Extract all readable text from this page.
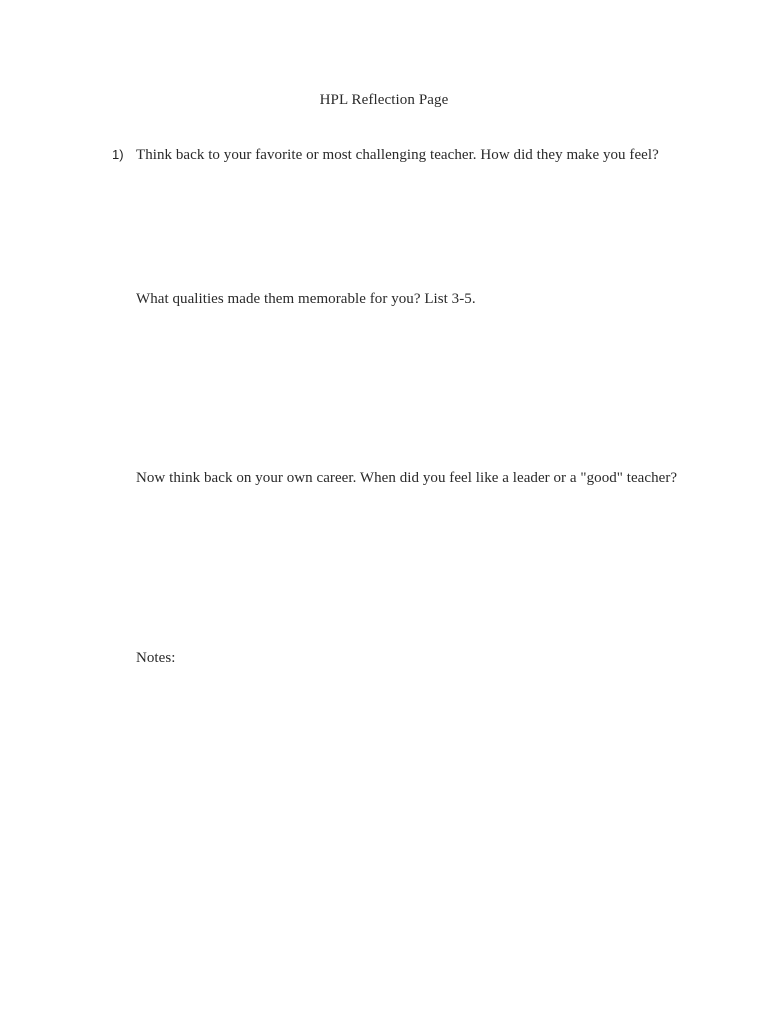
HPL Reflection Page
1) Think back to your favorite or most challenging teacher. How did they make you feel?
What qualities made them memorable for you? List 3-5.
Now think back on your own career. When did you feel like a leader or a "good" teacher?
Notes:
